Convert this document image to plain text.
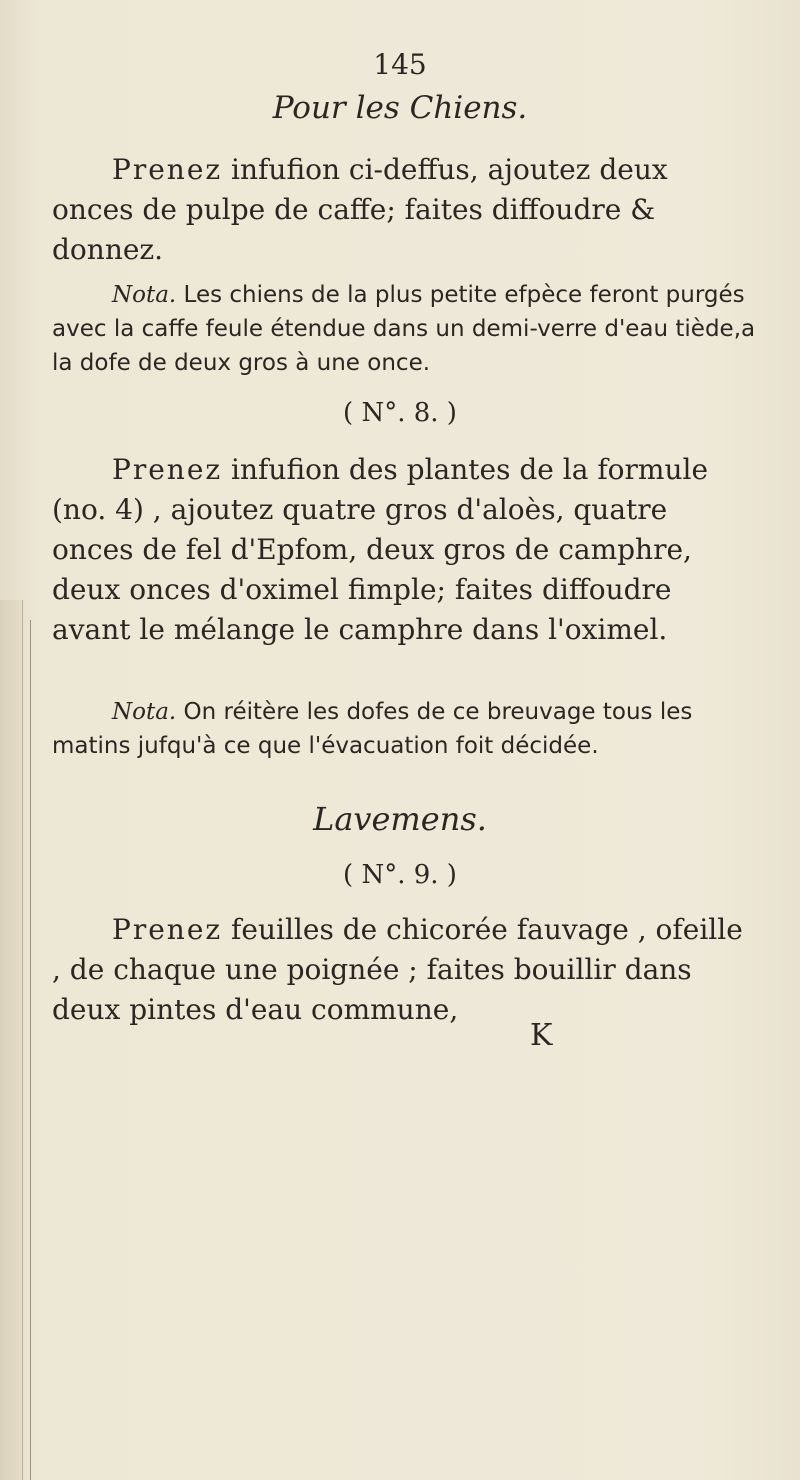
145
Pour les Chiens.

Prenez infufion ci-deffus, ajoutez deux onces de pulpe de caffe; faites diffoudre & donnez.

Nota. Les chiens de la plus petite efpèce feront purgés avec la caffe feule étendue dans un demi-verre d'eau tiède,a la dofe de deux gros à une once.

( N°. 8. )

Prenez infufion des plantes de la formule (no. 4) , ajoutez quatre gros d'aloès, quatre onces de fel d'Epfom, deux gros de camphre, deux onces d'oximel fimple; faites diffoudre avant le mélange le camphre dans l'oximel.

Nota. On réitère les dofes de ce breuvage tous les matins jufqu'à ce que l'évacuation foit décidée.

Lavemens.
( N°. 9. )

Prenez feuilles de chicorée fauvage , ofeille , de chaque une poignée ; faites bouillir dans deux pintes d'eau commune,

K
